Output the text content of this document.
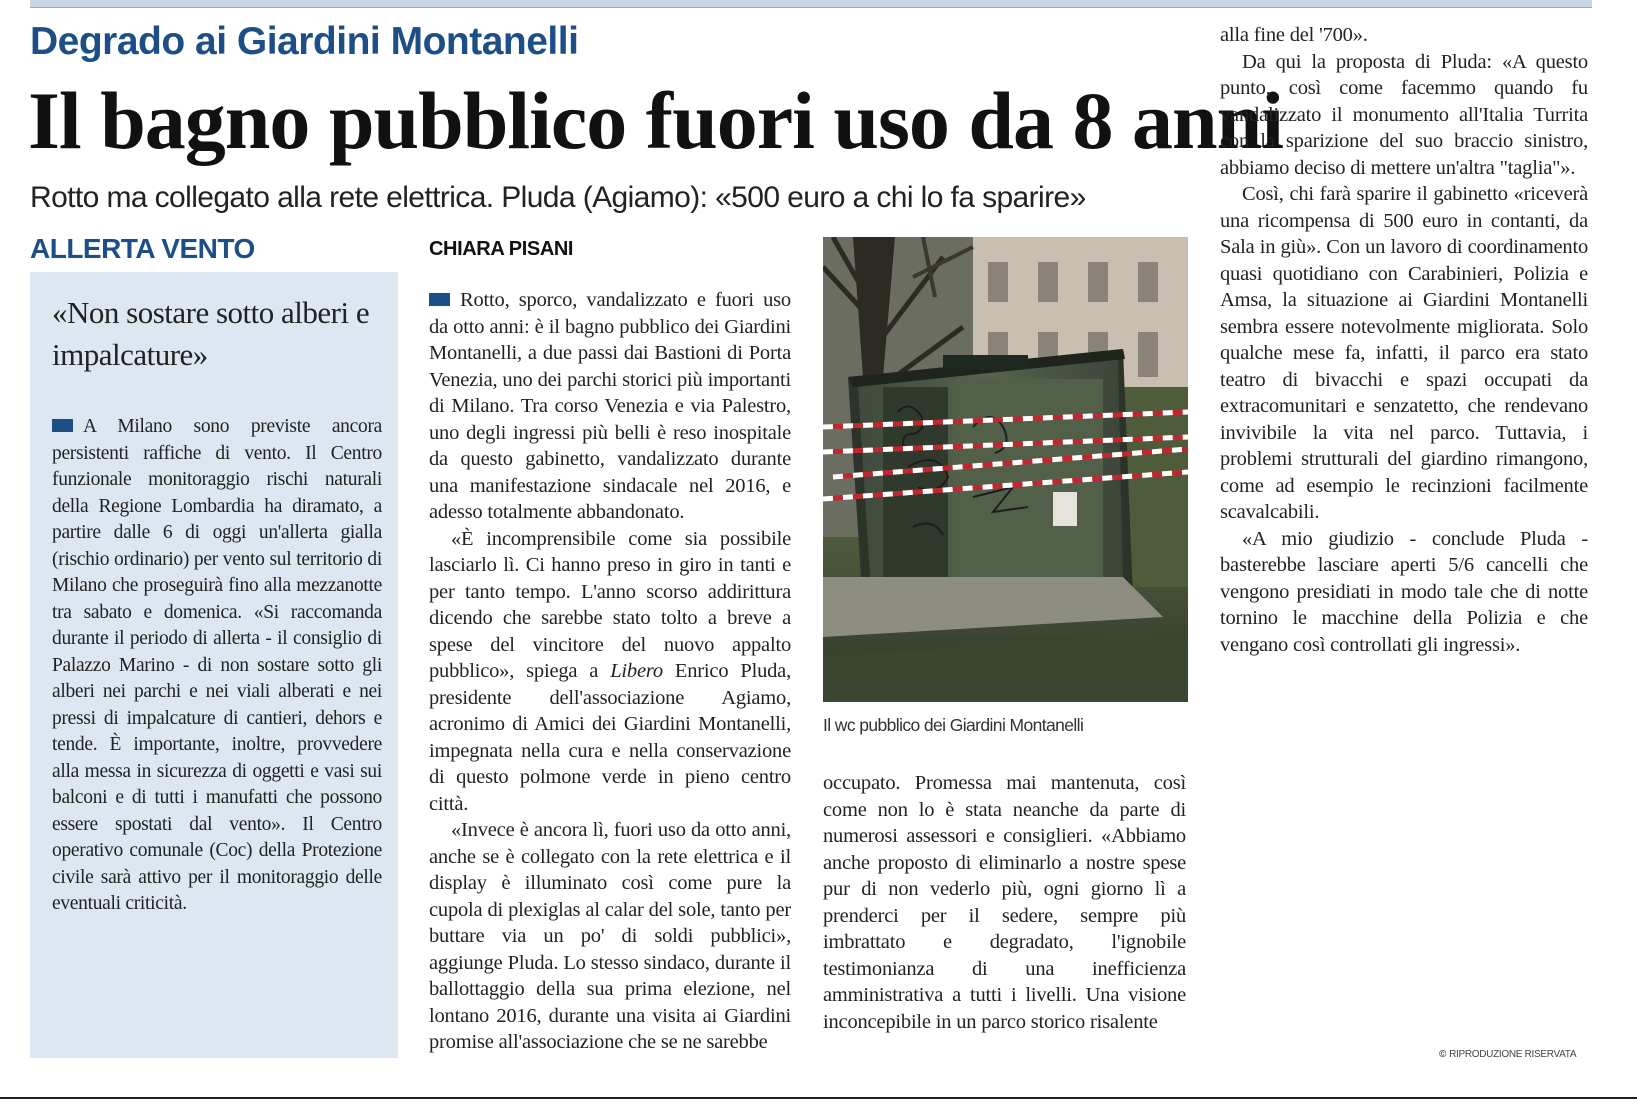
Degrado ai Giardini Montanelli
Il bagno pubblico fuori uso da 8 anni
Rotto ma collegato alla rete elettrica. Pluda (Agiamo): «500 euro a chi lo fa sparire»
ALLERTA VENTO	CHIARA PISANI
«Non sostare sotto alberi e impalcature»

A Milano sono previste ancora persistenti raffiche di vento. Il Centro funzionale monitoraggio rischi naturali della Regione Lombardia ha diramato, a partire dalle 6 di oggi un'allerta gialla (rischio ordinario) per vento sul territorio di Milano che proseguirà fino alla mezzanotte tra sabato e domenica. «Si raccomanda durante il periodo di allerta - il consiglio di Palazzo Marino - di non sostare sotto gli alberi nei parchi e nei viali alberati e nei pressi di impalcature di cantieri, dehors e tende. È importante, inoltre, provvedere alla messa in sicurezza di oggetti e vasi sui balconi e di tutti i manufatti che possono essere spostati dal vento». Il Centro operativo comunale (Coc) della Protezione civile sarà attivo per il monitoraggio delle eventuali criticità.

Rotto, sporco, vandalizzato e fuori uso da otto anni: è il bagno pubblico dei Giardini Montanelli, a due passi dai Bastioni di Porta Venezia, uno dei parchi storici più importanti di Milano. Tra corso Venezia e via Palestro, uno degli ingressi più belli è reso inospitale da questo gabinetto, vandalizzato durante una manifestazione sindacale nel 2016, e adesso totalmente abbandonato.

«È incomprensibile come sia possibile lasciarlo lì. Ci hanno preso in giro in tanti e per tanto tempo. L'anno scorso addirittura dicendo che sarebbe stato tolto a breve a spese del vincitore del nuovo appalto pubblico», spiega a Libero Enrico Pluda, presidente dell'associazione Agiamo, acronimo di Amici dei Giardini Montanelli, impegnata nella cura e nella conservazione di questo polmone verde in pieno centro città.

«Invece è ancora lì, fuori uso da otto anni, anche se è collegato con la rete elettrica e il display è illuminato così come pure la cupola di plexiglas al calar del sole, tanto per buttare via un po' di soldi pubblici», aggiunge Pluda. Lo stesso sindaco, durante il ballottaggio della sua prima elezione, nel lontano 2016, durante una visita ai Giardini promise all'associazione che se ne sarebbe

Il wc pubblico dei Giardini Montanelli

occupato. Promessa mai mantenuta, così come non lo è stata neanche da parte di numerosi assessori e consiglieri. «Abbiamo anche proposto di eliminarlo a nostre spese pur di non vederlo più, ogni giorno lì a prenderci per il sedere, sempre più imbrattato e degradato, l'ignobile testimonianza di una inefficienza amministrativa a tutti i livelli. Una visione inconcepibile in un parco storico risalente

alla fine del '700».

Da qui la proposta di Pluda: «A questo punto, così come facemmo quando fu vandalizzato il monumento all'Italia Turrita con la sparizione del suo braccio sinistro, abbiamo deciso di mettere un'altra "taglia"».

Così, chi farà sparire il gabinetto «riceverà una ricompensa di 500 euro in contanti, da Sala in giù». Con un lavoro di coordinamento quasi quotidiano con Carabinieri, Polizia e Amsa, la situazione ai Giardini Montanelli sembra essere notevolmente migliorata. Solo qualche mese fa, infatti, il parco era stato teatro di bivacchi e spazi occupati da extracomunitari e senzatetto, che rendevano invivibile la vita nel parco. Tuttavia, i problemi strutturali del giardino rimangono, come ad esempio le recinzioni facilmente scavalcabili.

«A mio giudizio - conclude Pluda - basterebbe lasciare aperti 5/6 cancelli che vengono presidiati in modo tale che di notte tornino le macchine della Polizia e che vengano così controllati gli ingressi».

© RIPRODUZIONE RISERVATA
